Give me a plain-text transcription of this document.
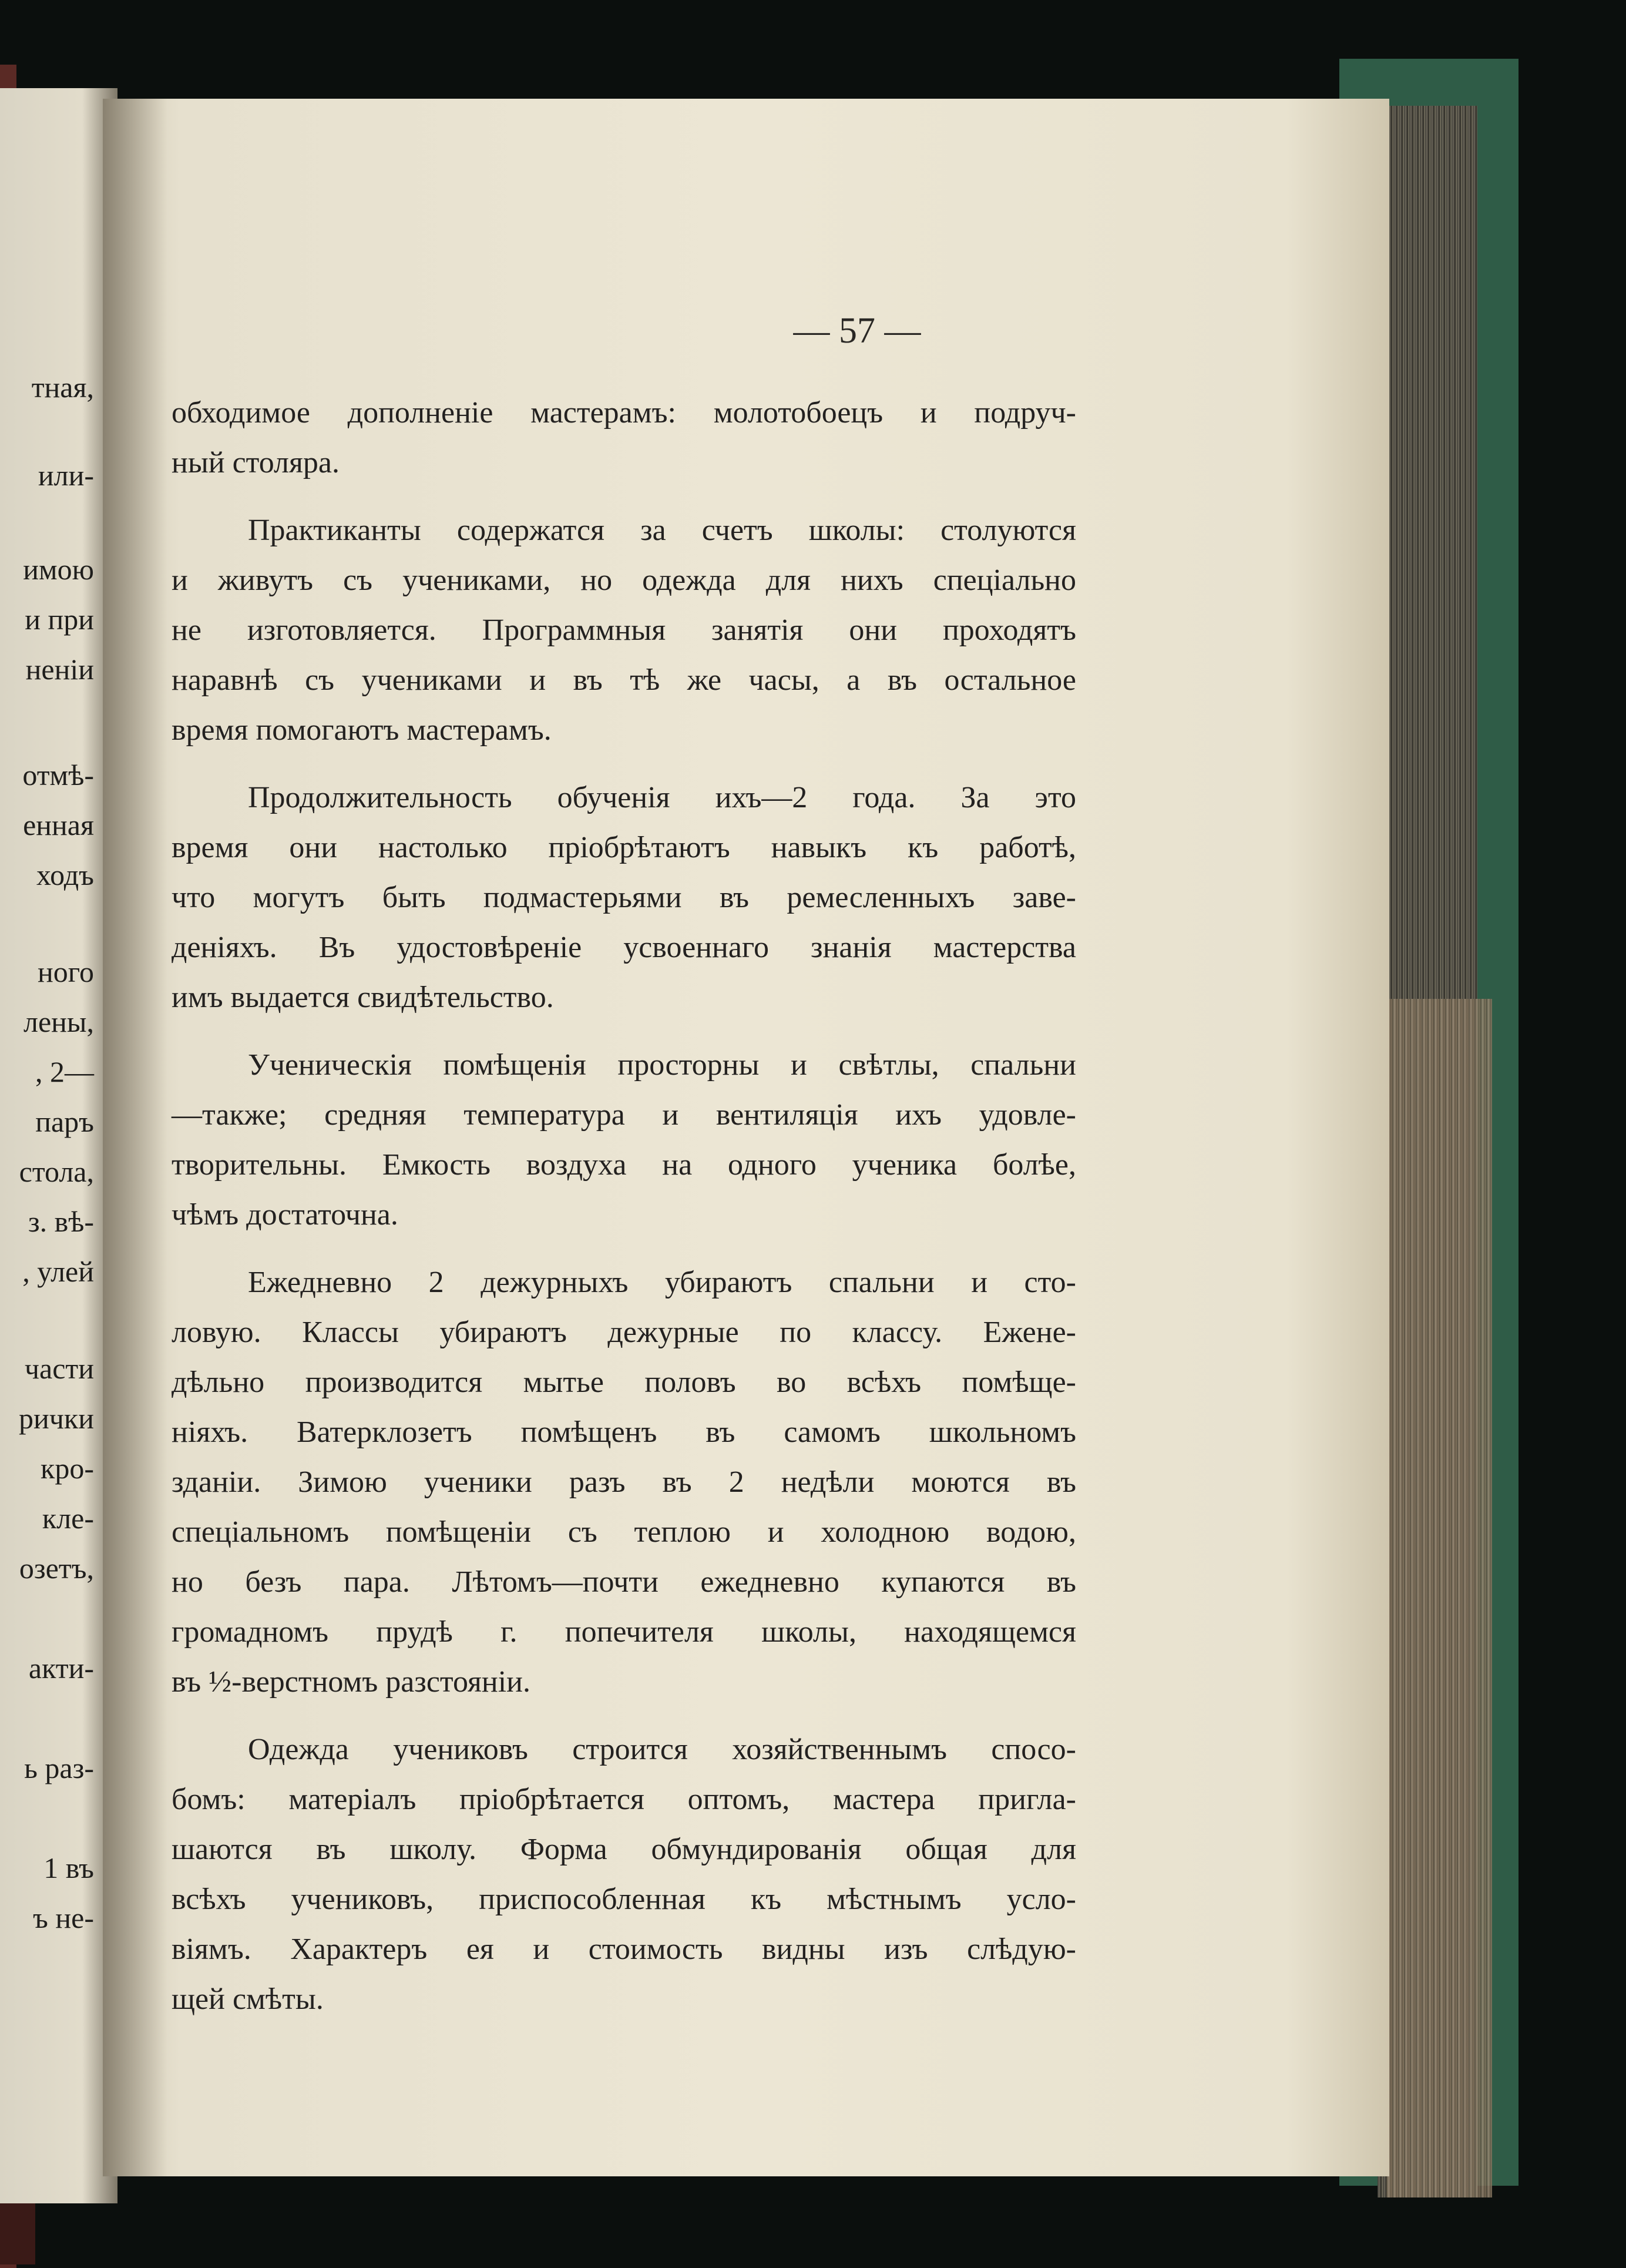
тная,
или-
имою
и при
ненiи
отмѣ-
енная
ходъ
ного
лены,
, 2—
паръ
стола,
з. вѣ-
, улей
части
рички
кро-
кле-
озетъ,
акти-
ь раз-
1 въ
ъ не-
— 57 —
обходимое дополненіе мастерамъ: молотобоецъ и подруч-
ный столяра.
Практиканты содержатся за счетъ школы: столуются
и живутъ съ учениками, но одежда для нихъ спеціально
не изготовляется. Программныя занятія они проходятъ
наравнѣ съ учениками и въ тѣ же часы, а въ остальное
время помогаютъ мастерамъ.
Продолжительность обученія ихъ—2 года. За это
время они настолько пріобрѣтаютъ навыкъ къ работѣ,
что могутъ быть подмастерьями въ ремесленныхъ заве-
деніяхъ. Въ удостовѣреніе усвоеннаго знанія мастерства
имъ выдается свидѣтельство.
Ученическія помѣщенія просторны и свѣтлы, спальни
—также; средняя температура и вентиляція ихъ удовле-
творительны. Емкость воздуха на одного ученика болѣе,
чѣмъ достаточна.
Ежедневно 2 дежурныхъ убираютъ спальни и сто-
ловую. Классы убираютъ дежурные по классу. Ежене-
дѣльно производится мытье половъ во всѣхъ помѣще-
ніяхъ. Ватерклозетъ помѣщенъ въ самомъ школьномъ
зданіи. Зимою ученики разъ въ 2 недѣли моются въ
спеціальномъ помѣщеніи съ теплою и холодною водою,
но безъ пара. Лѣтомъ—почти ежедневно купаются въ
громадномъ прудѣ г. попечителя школы, находящемся
въ ½-верстномъ разстояніи.
Одежда учениковъ строится хозяйственнымъ спосо-
бомъ: матеріалъ пріобрѣтается оптомъ, мастера пригла-
шаются въ школу. Форма обмундированія общая для
всѣхъ учениковъ, приспособленная къ мѣстнымъ усло-
віямъ. Характеръ ея и стоимость видны изъ слѣдую-
щей смѣты.
